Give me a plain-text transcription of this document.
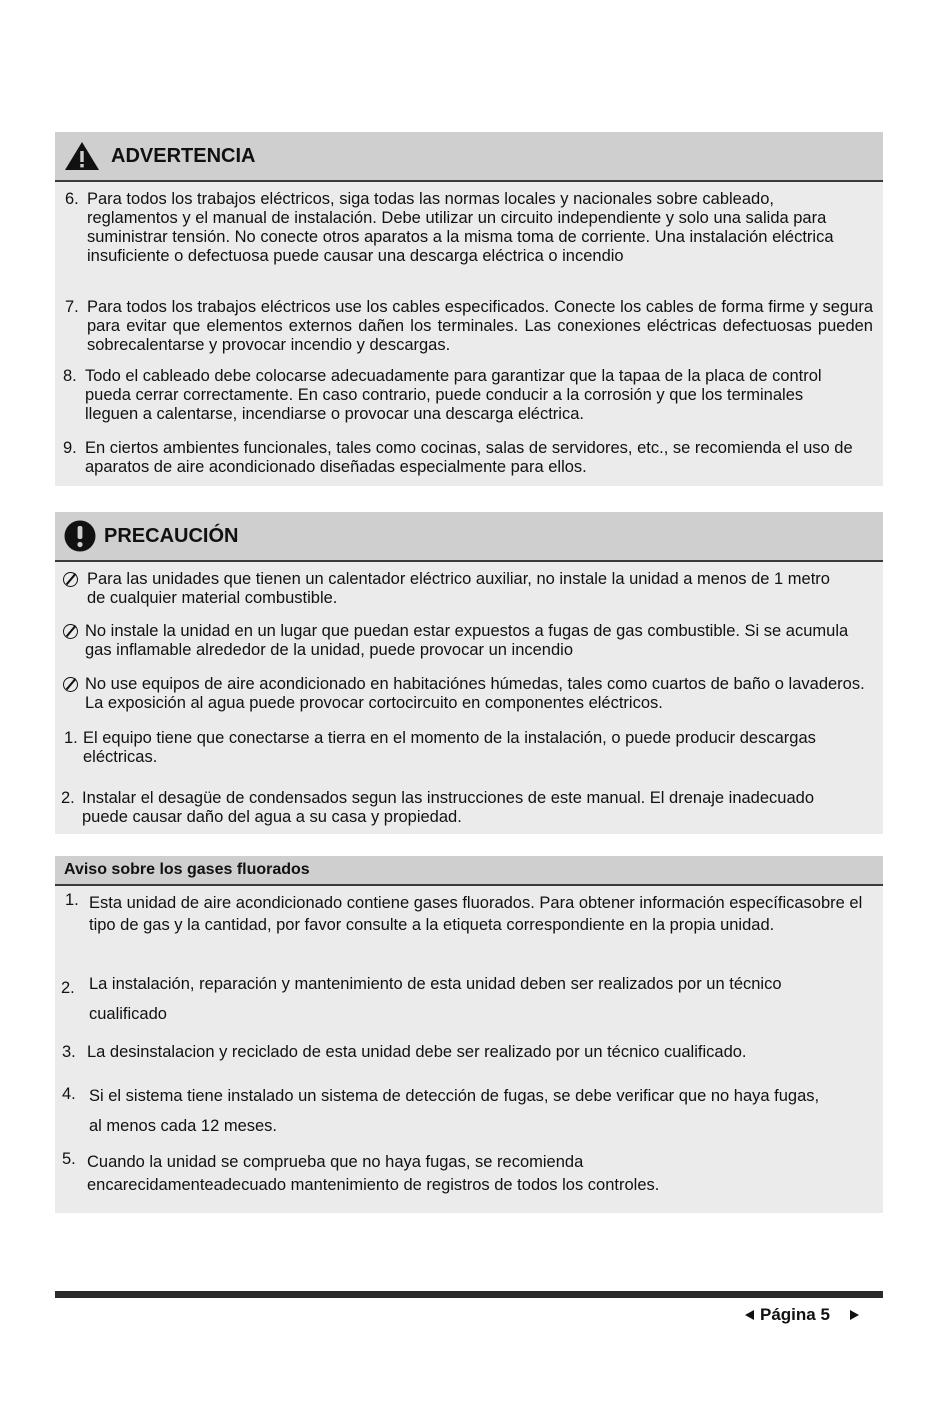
ADVERTENCIA
6. Para todos los trabajos eléctricos, siga todas las normas locales y nacionales sobre cableado, reglamentos y el manual de instalación. Debe utilizar un circuito independiente y solo una salida para suministrar tensión. No conecte otros aparatos a la misma toma de corriente. Una instalación eléctrica insuficiente o defectuosa puede causar una descarga eléctrica o incendio
7. Para todos los trabajos eléctricos use los cables especificados. Conecte los cables de forma firme y segura para evitar que elementos externos dañen los terminales. Las conexiones eléctricas defectuosas pueden sobrecalentarse y provocar incendio y descargas.
8. Todo el cableado debe colocarse adecuadamente para garantizar que la tapaa de la placa de control pueda cerrar correctamente. En caso contrario, puede conducir a la corrosión y que los terminales lleguen a calentarse, incendiarse o provocar una descarga eléctrica.
9. En ciertos ambientes funcionales, tales como cocinas, salas de servidores, etc., se recomienda el uso de aparatos de aire acondicionado diseñadas especialmente para ellos.
PRECAUCIÓN
Para las unidades que tienen un calentador eléctrico auxiliar, no instale la unidad a menos de 1 metro de cualquier material combustible.
No instale la unidad en un lugar que puedan estar expuestos a fugas de gas combustible. Si se acumula gas inflamable alrededor de la unidad, puede provocar un incendio
No use equipos de aire acondicionado en habitaciónes húmedas, tales como cuartos de baño o lavaderos. La exposición al agua puede provocar cortocircuito en componentes eléctricos.
1. El equipo tiene que conectarse a tierra en el momento de la instalación, o puede producir descargas eléctricas.
2. Instalar el desagüe de condensados segun las instrucciones de este manual. El drenaje inadecuado puede causar daño del agua a su casa y propiedad.
Aviso sobre los gases fluorados
1. Esta unidad de aire acondicionado contiene gases fluorados. Para obtener información específicasobre el tipo de gas y la cantidad, por favor consulte a la etiqueta correspondiente en la propia unidad.
2. La instalación, reparación y mantenimiento de esta unidad deben ser realizados por un técnico cualificado
3. La desinstalacion y reciclado de esta unidad debe ser realizado por un técnico cualificado.
4. Si el sistema tiene instalado un sistema de detección de fugas, se debe verificar que no haya fugas, al menos cada 12 meses.
5. Cuando la unidad se comprueba que no haya fugas, se recomienda encarecidamenteadecuado mantenimiento de registros de todos los controles.
Página 5
